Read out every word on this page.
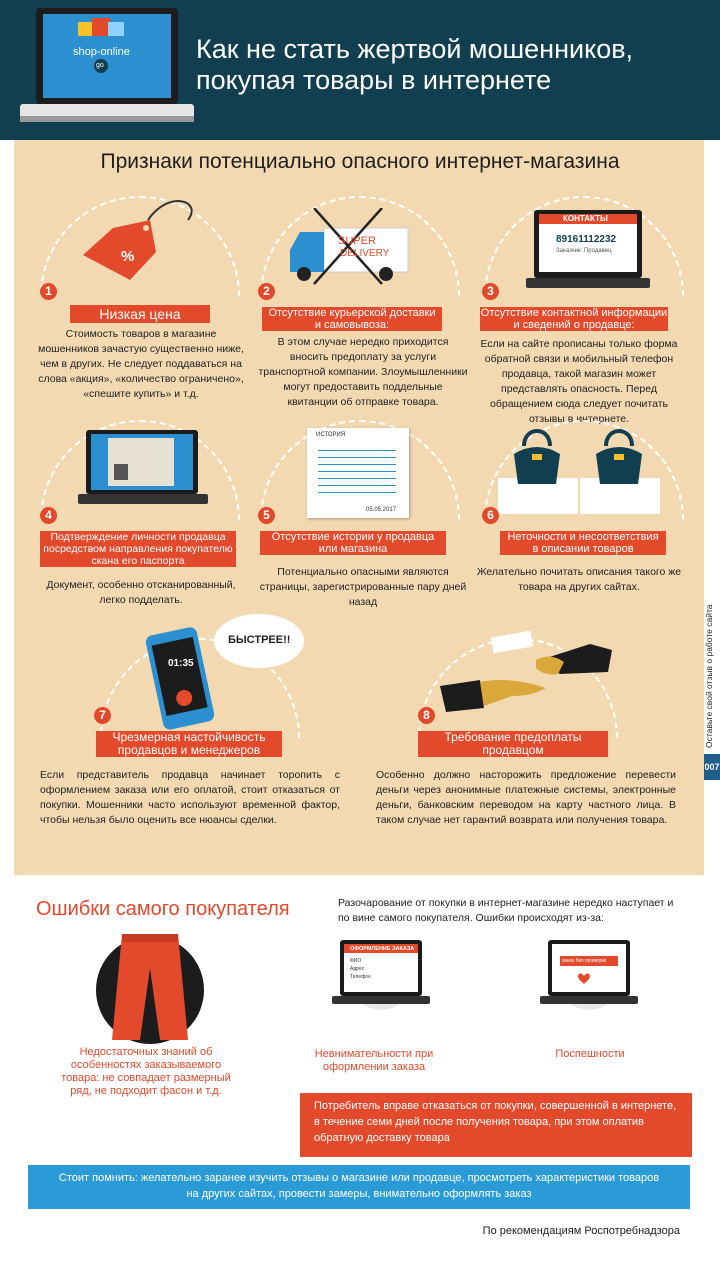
shop-online
go
Как не стать жертвой мошенников,
покупая товары в интернете
Признаки потенциально опасного интернет-магазина
%
1
Низкая цена
Стоимость товаров в магазине мошенников зачастую существенно ниже, чем в других. Не следует поддаваться на слова «акция», «количество ограничено», «спешите купить» и т.д.
SUPER
DELIVERY
2
Отсутствие курьерской доставки
и самовывоза:
В этом случае нередко приходится вносить предоплату за услуги транспортной компании. Злоумышленники могут предоставить поддельные квитанции об отправке товара.
КОНТАКТЫ
89161112232
Заказчик: Продавец
3
Отсутствие контактной информации
и сведений о продавце:
Если на сайте прописаны только форма обратной связи и мобильный телефон продавца, такой магазин может представлять опасность. Перед обращением сюда следует почитать отзывы в интернете.
4
Подтверждение личности продавца
посредством направления покупателю
скана его паспорта
Документ, особенно отсканированный, легко подделать.
ИСТОРИЯ
05.05.2017
5
Отсутствие истории у продавца
или магазина
Потенциально опасными являются страницы, зарегистрированные пару дней назад
6
Неточности и несоответствия
в описании товаров
Желательно почитать описания такого же товара на других сайтах.
01:35
БЫСТРЕЕ!!
7
Чрезмерная настойчивость
продавцов и менеджеров
Если представитель продавца начинает торопить с оформлением заказа или его оплатой, стоит отказаться от покупки. Мошенники часто используют временной фактор, чтобы нельзя было оценить все нюансы сделки.
8
Требование предоплаты
продавцом
Особенно должно насторожить предложение перевести деньги через анонимные платежные системы, электронные деньги, банковским переводом на карту частного лица. В таком случае нет гарантий возврата или получения товара.
Оставьте свой отзыв о работе сайта
007
Ошибки самого покупателя	Разочарование от покупки в интернет-магазине нередко наступает и по вине самого покупателя. Ошибки происходят из-за:
Недостаточных знаний об особенностях заказываемого товара: не совпадает размерный ряд, не подходит фасон и т.д.
ОФОРМЛЕНИЕ ЗАКАЗА
ФИО
Адрес
Телефон
Невнимательности при оформлении заказа
заказ без проверки
Поспешности
Потребитель вправе отказаться от покупки, совершенной в интернете, в течение семи дней после получения товара, при этом оплатив обратную доставку товара
Стоит помнить: желательно заранее изучить отзывы о магазине или продавце, просмотреть характеристики товаров на других сайтах, провести замеры, внимательно оформлять заказ
По рекомендациям Роспотребнадзора
